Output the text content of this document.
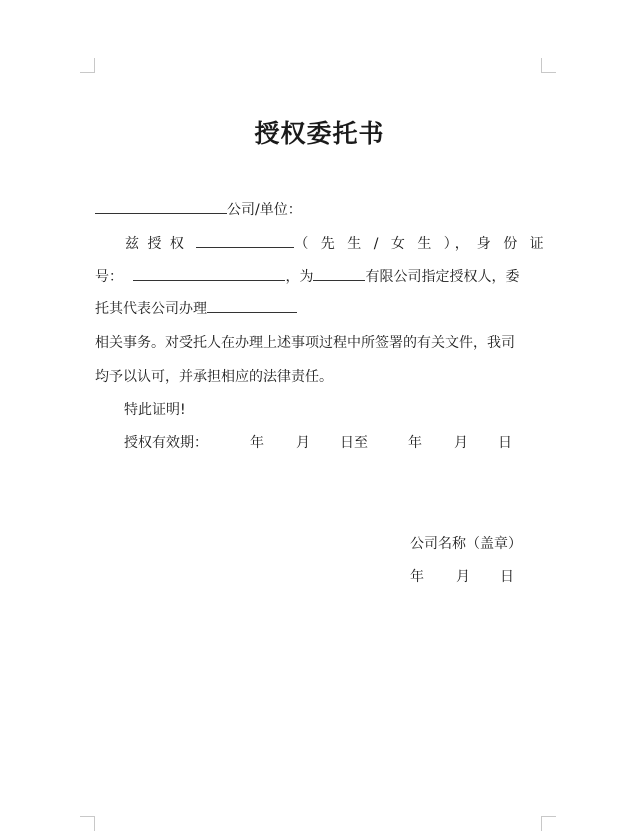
授权委托书
公司/单位：
兹 授 权	（ 先 生 / 女 生 ）， 身 份 证
号：	，为	有限公司指定授权人，委
托其代表公司办理
相关事务。对受托人在办理上述事项过程中所签署的有关文件，我司
均予以认可，并承担相应的法律责任。
特此证明!
授权有效期：	年 月 日至	年 月 日
公司名称（盖章）
年 月 日
